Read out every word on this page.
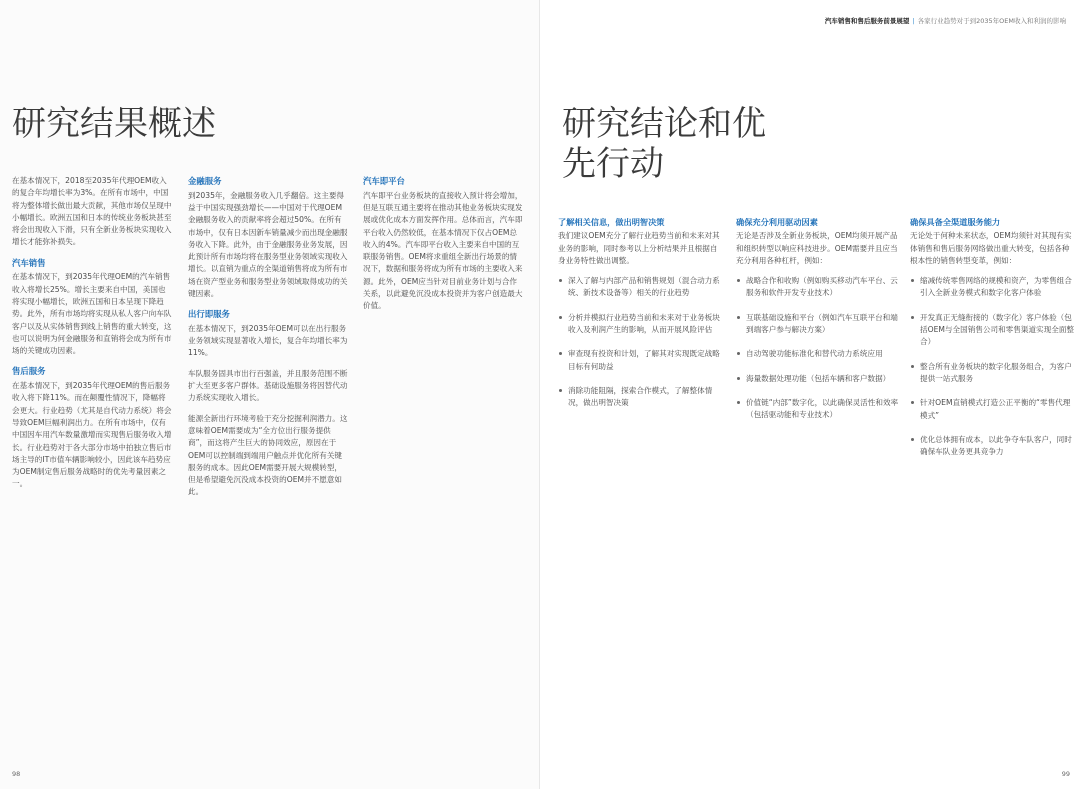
研究结果概述

在基本情况下，2018至2035年代理OEM收入的复合年均增长率为3%。在所有市场中，中国将为整体增长做出最大贡献，其他市场仅呈现中小幅增长。欧洲五国和日本的传统业务板块甚至将会出现收入下滑，只有全新业务板块实现收入增长才能弥补损失。

汽车销售

在基本情况下，到2035年代理OEM的汽车销售收入将增长25%。增长主要来自中国，美国也将实现小幅增长，欧洲五国和日本呈现下降趋势。此外，所有市场均将实现从私人客户向车队客户以及从实体销售到线上销售的重大转变，这也可以说明为何金融服务和直销将会成为所有市场的关键成功因素。

售后服务

在基本情况下，到2035年代理OEM的售后服务收入将下降11%。而在颠覆性情况下，降幅将会更大。行业趋势（尤其是自代动力系统）将会导致OEM巨幅利润出力。在所有市场中，仅有中国因车用汽车数量激增而实现售后服务收入增长。行业趋势对于各大部分市场中拍独立售后市场主导的IT市值车辆影响较小，因此该车趋势应为OEM制定售后服务战略时的优先考量因素之一。

金融服务

到2035年，金融服务收入几乎翻倍。这主要得益于中国实现强劲增长——中国对于代理OEM金融服务收入的贡献率将会超过50%。在所有市场中，仅有日本因新车销量减少而出现金融服务收入下降。此外，由于金融服务业务发展，因此预计所有市场均将在服务型业务领域实现收入增长。以直销为重点的全渠道销售将成为所有市场在资产型业务和服务型业务领域取得成功的关键因素。

出行即服务

在基本情况下，到2035年OEM可以在出行服务业务领域实现显著收入增长，复合年均增长率为11%。

车队服务固具市出行百强盖，并且服务范围不断扩大至更多客户群体。基础设施服务将因替代动力系统实现收入增长。

能源全新出行环境考验于充分挖掘利润潜力。这意味着OEM需要成为“全方位出行服务提供商”，而这将产生巨大的协同效应，原因在于OEM可以控制端到端用户触点并优化所有关键服务的成本。因此OEM需要开展大规模转型，但是希望避免沉没成本投资的OEM并不愿意如此。

汽车即平台

汽车即平台业务板块的直接收入预计将会增加，但是互联互通主要将在推动其他业务板块实现发展或优化成本方面发挥作用。总体而言，汽车即平台收入仍然较低，在基本情况下仅占OEM总收入的4%。汽车即平台收入主要来自中国的互联服务销售。OEM将求重组全新出行场景的情况下，数据和服务将成为所有市场的主要收入来源。此外，OEM应当针对目前业务计划与合作关系，以此避免沉没成本投资并为客户创造最大价值。

98
汽车销售和售后服务前景展望 | 各家行业趋势对于到2035年OEM收入和利润的影响
研究结论和优
先行动
了解相关信息，做出明智决策

我们建议OEM充分了解行业趋势当前和未来对其业务的影响，同时参考以上分析结果并且根据自身业务特性做出调整。

深入了解与内部产品和销售规划（混合动力系统、新技术设备等）相关的行业趋势
分析并模拟行业趋势当前和未来对于业务板块收入及利润产生的影响，从而开展风险评估
审查现有投资和计划，了解其对实现既定战略目标有何助益
消除功能阻隔，探索合作模式，了解整体情况，做出明智决策
确保充分利用驱动因素

无论是否涉及全新业务板块，OEM均须开展产品和组织转型以响应科技进步。OEM需要并且应当充分利用各种杠杆，例如：

战略合作和收购（例如购买移动汽车平台、云服务和软件开发专业技术）
互联基础设施和平台（例如汽车互联平台和端到端客户参与解决方案）
自动驾驶功能标准化和替代动力系统应用
海量数据处理功能（包括车辆和客户数据）
价值链“内部”数字化，以此确保灵活性和效率（包括驱动能和专业技术）
确保具备全渠道服务能力

无论处于何种未来状态，OEM均须针对其现有实体销售和售后服务网络做出重大转变，包括各种根本性的销售转型变革，例如：

缩减传统零售网络的规模和资产，为零售组合引入全新业务模式和数字化客户体验
开发真正无缝衔接的（数字化）客户体验（包括OEM与全国销售公司和零售渠道实现全面整合）
整合所有业务板块的数字化服务组合，为客户提供一站式服务
针对OEM直销模式打造公正平衡的“零售代理模式”
优化总体拥有成本，以此争夺车队客户，同时确保车队业务更具竞争力
99
